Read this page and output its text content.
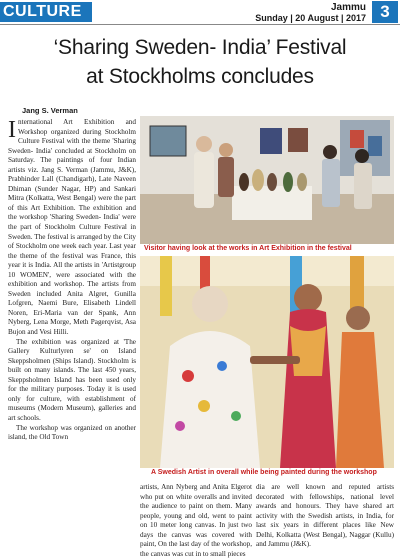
CULTURE	Jammu
Sunday | 20 August | 2017 3
‘Sharing Sweden- India’ Festival
at Stockholms concludes
Jang S. Verman

International Art Exhibition and Workshop organized during Stockholm Culture Festival with the theme 'Sharing Sweden- India' concluded at Stockholm on Saturday. The paintings of four Indian artists viz. Jang S. Verman (Jammu, J&K), Prabhinder Lall (Chandigarh), Late Naveen Dhiman (Sunder Nagar, HP) and Sankari Mitra (Kolkatta, West Bengal) were the part of this Art Exhibition. The exhibition and the workshop 'Sharing Sweden- India' were the part of Stockholm Culture Festival in Sweden. The festival is arranged by the City of Stockholm one week each year. Last year the theme of the festival was France, this year it is India. All the artists in 'Artistgroup 10 WOMEN', were associated with the exhibition and workshop. The artists from Sweden included Anita Algret, Gunilla Lofgren, Naemi Bure, Elisabeth Lindell Noren, Eri-Maria van der Spank, Ann Nyberg, Lena Morge, Meth Pagerqvist, Asa Bujon and Vesi Hilli.

The exhibition was organized at 'The Gallery Kulturlyren se' on Island Skeppsholmen (Ships Island). Stockholm is built on many islands. The last 450 years, Skeppsholmen Island has been used only for the military purposes. Today it is used only for culture, with establishment of museums (Modern Museum), galleries and art schools.

The workshop was organized on another island, the Old Town

Visitor having look at the works in Art Exhibition in the festival
A Swedish Artist in overall while being painted during the workshop

artists, Ann Nyberg and Anita Elgerot who put on white overalls and invited the audience to paint on them. Many people, young and old, went to paint on 10 meter long canvas. In just two days the canvas was covered with paint, On the last day of the workshop, the canvas was cut in to small pieces

dia are well known and reputed artists decorated with fellowships, national level awards and honours. They have shared art activity with the Swedish artists, in India, for last six years in different places like New Delhi, Kolkatta (West Bengal), Naggar (Kullu) and Jammu (J&K).
